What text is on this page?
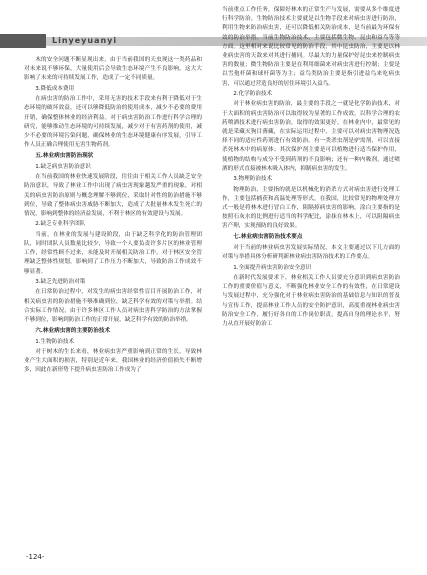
Linyeyuanyi

木的安全问题不断显现出来，由于当前我国的天虫现这一类药品和对未来说不够环保，大量使用后会导致生态环境产生不良影响，这大大影响了未来的可持续发展工作，造成了一定不同质量。

3.降低成本费用

在病虫害的防治工作中，采用无害的技术手段来有利于降低对于生态环境的破坏效益，还可以够降低防治的使用成本，减少不必要的费用开销，确保整体林业的经济利益。对于病虫害防治工作进行科学合理的研究，能够推动生态环境的可持续发展，减少对于有害药剂的使用，减少不必要的环境污染问题，确保林业的生态环境健康有序发展，引导工作人员正确合理使用无害生物药剂。

五.林业病虫害防治现状

1.缺乏病虫害防治意识

在当前我国的林业快速发展阶段，往往由于相关工作人员缺乏安全防治意识，导致了林业工作中出现了病虫害现象越发严重的现象，对相关的病虫害防治原则与概念理解不够到位，采取针对性的防治措施不够到位，导致了整体病虫害威胁不断加大，造成了大批量林木发生死亡的情况，影响到整体的经济益发展，不利于林区的有效建设与发展。

2.缺乏专业科学团队

当前，在林业的发展与建设阶段，由于缺乏科学化的防治管理团队，同时团队人员数量比较少，导致一个人要负责许多片区的林业管理工作，经常性顾不过来，未能及时开展相关防治工作，对于林区安全管理缺乏整体性规划，影响到了工作压力不断加大，导致防治工作成效不够显著。

3.缺乏先进防治对策

在日常防治过程中，对发生的病虫害经常性盲目开展防治工作，对相关病虫害的防治措施不够准确到位，缺乏科学有效的对策与举措。结合实际工作情况，由于许多林区工作人员对病虫害科学防治的方法掌握不够到位，影响到防治工作的正常开展，缺乏科学有效的防治举措。

六.林业病虫害的主要防治技术

1.生物防治技术

对于树木的生长来看，林业病虫害严重影响到正常的生长，导致林业产生大面积的损害，特别是近年来，我国林业的经济价值损失不断增多，因此在新形势下提升病虫害防治工作成为了

当前重点工作任务，保障好林木的正常生产与发展，需要从多个维度进行科学防治。生物防治技术主要就是以生物手段来对病虫害进行防治，利用生物来防治病虫害，还可以降低相关防治成本，是当前最为环保有效的防治举措。当前生物防治技术，主要包括微生物、昆虫和益鸟等等方面。这里相对来说比较常见的防治手段，其中昆虫防治，主要是以林业病虫害的天敌来对其进行捕同。尽最大的力量保护好昆虫来控制病虫害的数量；微生物防治主要是在利用细菌来对病虫害进行控制；主要是以雪孢杆菌和球杆菌等为主；益鸟类防治主要是指引进益鸟来吃病虫害，可以通过营造良好的居住环境引入益鸟。

2.化学防治技术

对于林业病虫害的防治，最主要的手段之一就是化学防治技术，对于大面积的病虫害防治可以取得较为显著的工作成效，以科学合理的农药喷洒技术进行病虫害防治，取得的效果更好。在林业内中，最常见的就是采藏灭狗目薄藏，在实际运用过程中，主要可以对病虫害物理况选择不同的适应性药剂进行有效防治。有一类杀虫剂是驴需剂，可以直接杀死林木中的病原体；其次保护剂主要是可以植物进行适当保护作用，使植物的结构与成分不受到药剂的不良影响；还有一种内吸剂，通过喷洒的形式直接被林木吸入体内，抑制病虫害的发生。

3.物理防治技术

物理防治，主要指的就是以机械化的消杀方式对病虫害进行处理工作，主要包括捕获和高温处理等形式，在我国，比较常见的物理处理方式一般是将林木进行冒白工作，阻隔掉病虫害的影响。涂白主要指的是按照石灰水的比例进行适当的科学配比，涂抹在林木上，可以阻隔病虫害产卵，实现预防的良好效果。

七.林业病虫害防治技术要点

对于当前的林业病虫害发展实际情况，本文主要通过以下几方面的对策与举措具体分析研判新林业病虫害防治技术的工作要点。

1.全面提升病虫害防治安全意识

在新时代发展要求下，林业相关工作人员要充分意识到病虫害防治工作的重要价值与意义，不断强化林业安全工作的有效性，在日常建设与发展过程中，充分强化对于林业病虫害防治的基础信息与知识的普及与宣传工作，提高林业工作人员的安全防护意识，高度重视林业病虫害防治安全工作，履行好各自的工作岗位职责，提高自身的理论水平，努力从直开展好防治工

-124-
